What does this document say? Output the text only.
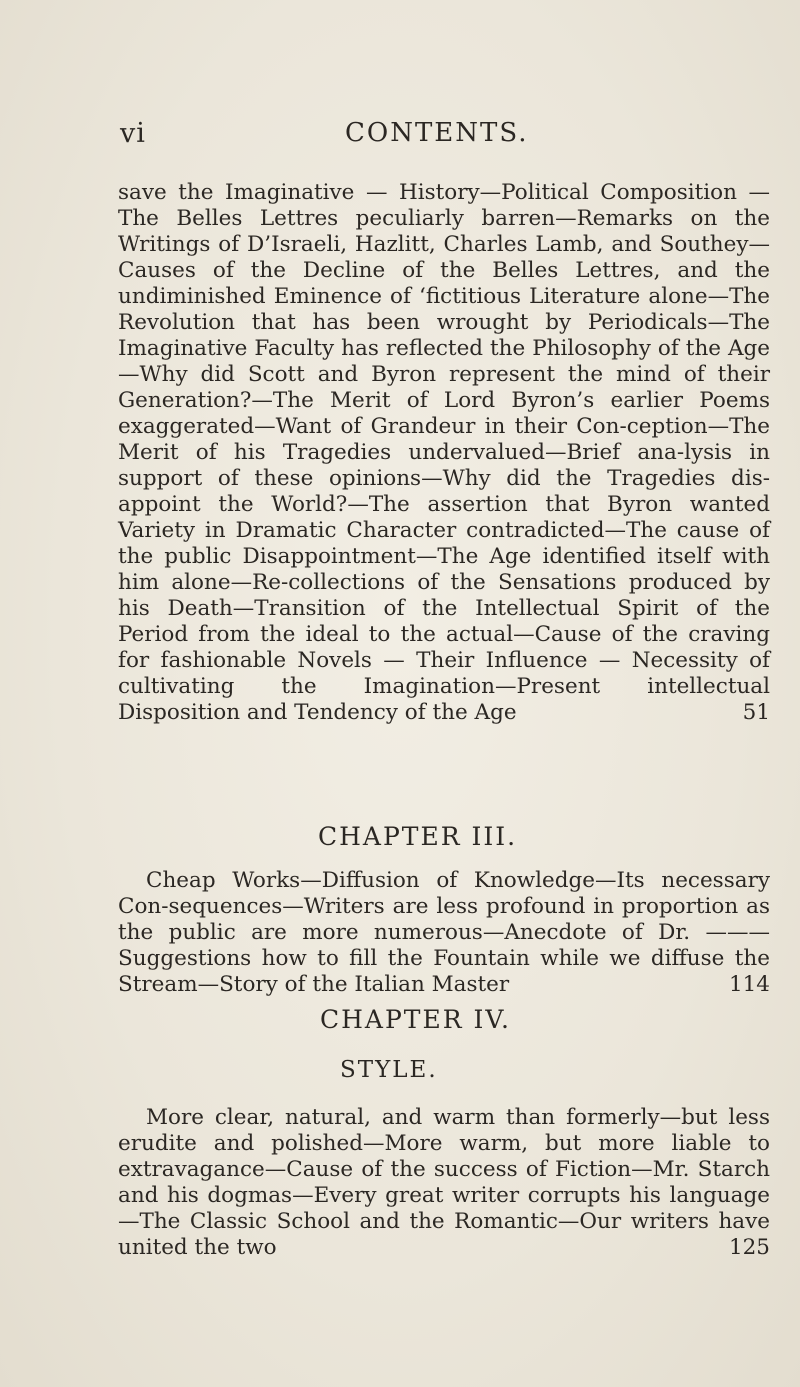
vi	CONTENTS.
save the Imaginative — History—Political Composition —The Belles Lettres peculiarly barren—Remarks on the Writings of D’Israeli, Hazlitt, Charles Lamb, and Southey—Causes of the Decline of the Belles Lettres, and the undiminished Eminence of ‘fictitious Literature alone—The Revolution that has been wrought by Periodicals—The Imaginative Faculty has reflected the Philosophy of the Age—Why did Scott and Byron represent the mind of their Generation?—The Merit of Lord Byron’s earlier Poems exaggerated—Want of Grandeur in their Con-ception—The Merit of his Tragedies undervalued—Brief ana-lysis in support of these opinions—Why did the Tragedies dis-appoint the World?—The assertion that Byron wanted Variety in Dramatic Character contradicted—The cause of the public Disappointment—The Age identified itself with him alone—Re-collections of the Sensations produced by his Death—Transition of the Intellectual Spirit of the Period from the ideal to the actual—Cause of the craving for fashionable Novels — Their Influence — Necessity of cultivating the Imagination—Present intellectual Disposition and Tendency of the Age	51
CHAPTER III.
Cheap Works—Diffusion of Knowledge—Its necessary Con-sequences—Writers are less profound in proportion as the public are more numerous—Anecdote of Dr. ——— Suggestions how to fill the Fountain while we diffuse the Stream—Story of the Italian Master	114
CHAPTER IV.
STYLE.
More clear, natural, and warm than formerly—but less erudite and polished—More warm, but more liable to extravagance—Cause of the success of Fiction—Mr. Starch and his dogmas—Every great writer corrupts his language—The Classic School and the Romantic—Our writers have united the two	125
